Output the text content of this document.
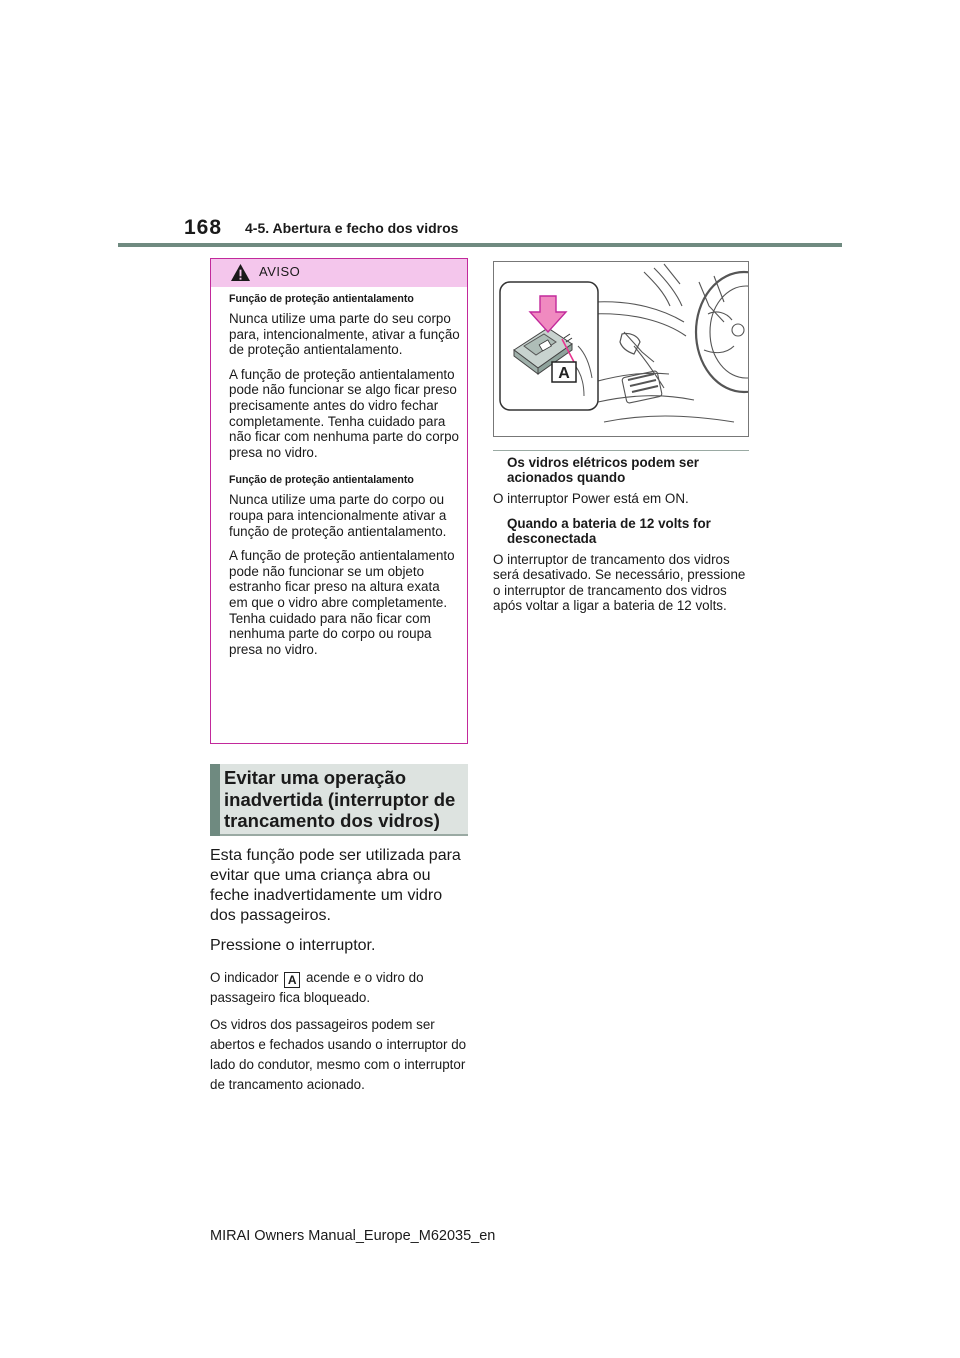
168 4-5. Abertura e fecho dos vidros
AVISO
Função de proteção antientalamento

Nunca utilize uma parte do seu corpo para, intencionalmente, ativar a função de proteção antientalamento.

A função de proteção antientalamento pode não funcionar se algo ficar preso precisamente antes do vidro fechar completamente. Tenha cuidado para não ficar com nenhuma parte do corpo presa no vidro.

Função de proteção antientalamento

Nunca utilize uma parte do corpo ou roupa para intencionalmente ativar a função de proteção antientalamento.

A função de proteção antientalamento pode não funcionar se um objeto estranho ficar preso na altura exata em que o vidro abre completamente. Tenha cuidado para não ficar com nenhuma parte do corpo ou roupa presa no vidro.

Evitar uma operação inadvertida (interruptor de trancamento dos vidros)

Esta função pode ser utilizada para evitar que uma criança abra ou feche inadvertidamente um vidro dos passageiros.

Pressione o interruptor.

O indicador A acende e o vidro do passageiro fica bloqueado.

Os vidros dos passageiros podem ser abertos e fechados usando o interruptor do lado do condutor, mesmo com o interruptor de trancamento acionado.

A

Os vidros elétricos podem ser acionados quando

O interruptor Power está em ON.

Quando a bateria de 12 volts for desconectada

O interruptor de trancamento dos vidros será desativado. Se necessário, pressione o interruptor de trancamento dos vidros após voltar a ligar a bateria de 12 volts.

MIRAI Owners Manual_Europe_M62035_en
